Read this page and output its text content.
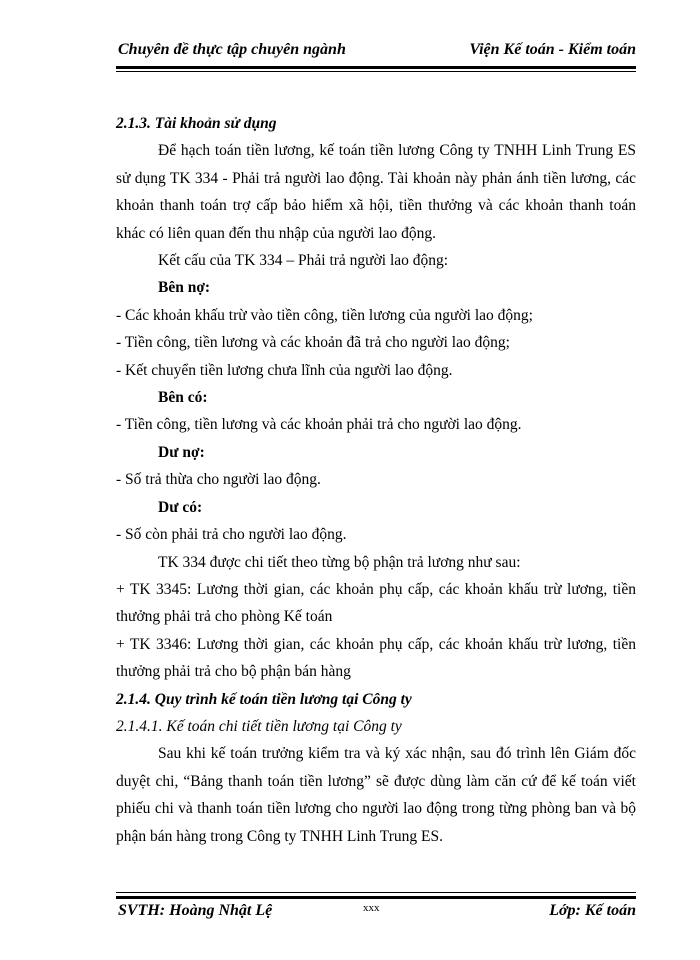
Chuyên đề thực tập chuyên ngành	Viện Kế toán - Kiểm toán

2.1.3. Tài khoản sử dụng

Để hạch toán tiền lương, kế toán tiền lương Công ty TNHH Linh Trung ES sử dụng TK 334 - Phải trả người lao động. Tài khoản này phản ánh tiền lương, các khoản thanh toán trợ cấp bảo hiểm xã hội, tiền thưởng và các khoản thanh toán khác có liên quan đến thu nhập của người lao động.

Kết cấu của TK 334 – Phải trả người lao động:

Bên nợ:

- Các khoản khấu trừ vào tiền công, tiền lương của người lao động;

- Tiền công, tiền lương và các khoản đã trả cho người lao động;

- Kết chuyển tiền lương chưa lĩnh của người lao động.

Bên có:

- Tiền công, tiền lương và các khoản phải trả cho người lao động.

Dư nợ:

- Số trả thừa cho người lao động.

Dư có:

- Số còn phải trả cho người lao động.

TK 334 được chi tiết theo từng bộ phận trả lương như sau:

+ TK 3345: Lương thời gian, các khoản phụ cấp, các khoản khấu trừ lương, tiền thưởng phải trả cho phòng Kế toán

+ TK 3346: Lương thời gian, các khoản phụ cấp, các khoản khấu trừ lương, tiền thưởng phải trả cho bộ phận bán hàng

2.1.4. Quy trình kế toán tiền lương tại Công ty

2.1.4.1. Kế toán chi tiết tiền lương tại Công ty

Sau khi kế toán trưởng kiểm tra và ký xác nhận, sau đó trình lên Giám đốc duyệt chi, “Bảng thanh toán tiền lương” sẽ được dùng làm căn cứ để kế toán viết phiếu chi và thanh toán tiền lương cho người lao động trong từng phòng ban và bộ phận bán hàng trong Công ty TNHH Linh Trung ES.

SVTH: Hoàng Nhật Lệ	xxx	Lớp: Kế toán
